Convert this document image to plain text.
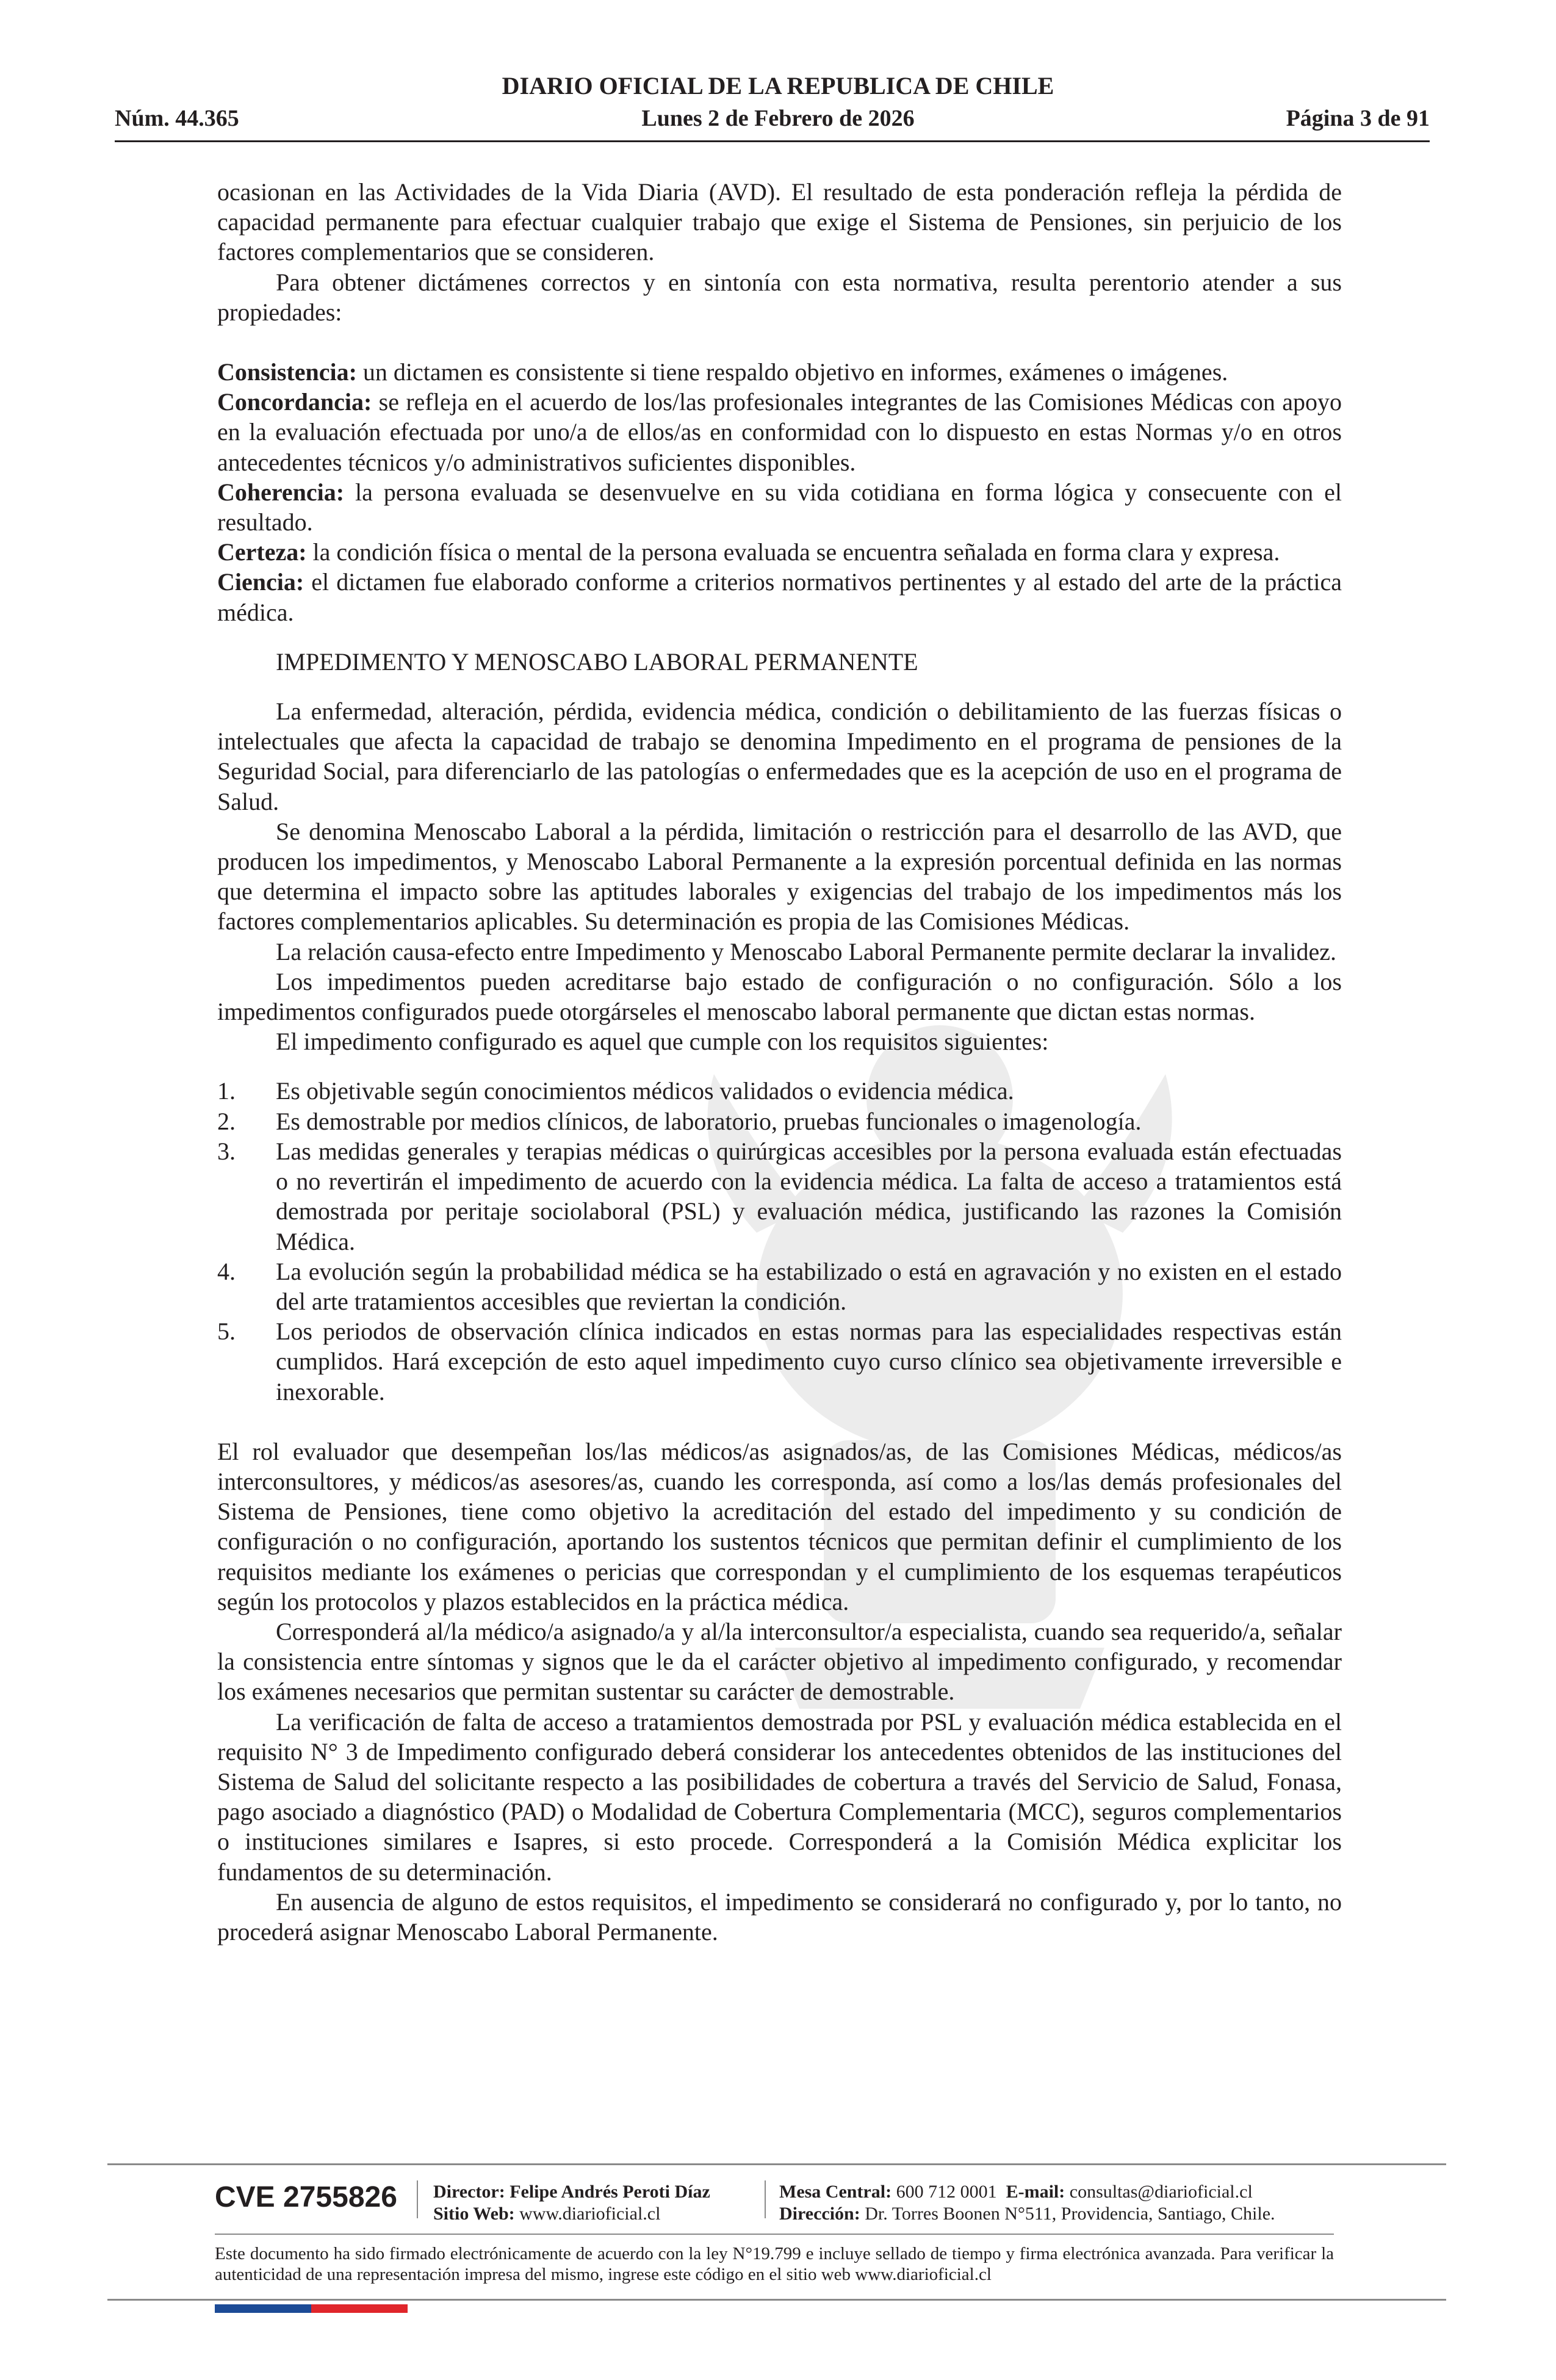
DIARIO OFICIAL DE LA REPUBLICA DE CHILE
Núm. 44.365	Lunes 2 de Febrero de 2026	Página 3 de 91

ocasionan en las Actividades de la Vida Diaria (AVD). El resultado de esta ponderación refleja la pérdida de capacidad permanente para efectuar cualquier trabajo que exige el Sistema de Pensiones, sin perjuicio de los factores complementarios que se consideren.

Para obtener dictámenes correctos y en sintonía con esta normativa, resulta perentorio atender a sus propiedades:

Consistencia: un dictamen es consistente si tiene respaldo objetivo en informes, exámenes o imágenes.

Concordancia: se refleja en el acuerdo de los/las profesionales integrantes de las Comisiones Médicas con apoyo en la evaluación efectuada por uno/a de ellos/as en conformidad con lo dispuesto en estas Normas y/o en otros antecedentes técnicos y/o administrativos suficientes disponibles.

Coherencia: la persona evaluada se desenvuelve en su vida cotidiana en forma lógica y consecuente con el resultado.

Certeza: la condición física o mental de la persona evaluada se encuentra señalada en forma clara y expresa.

Ciencia: el dictamen fue elaborado conforme a criterios normativos pertinentes y al estado del arte de la práctica médica.

IMPEDIMENTO Y MENOSCABO LABORAL PERMANENTE

La enfermedad, alteración, pérdida, evidencia médica, condición o debilitamiento de las fuerzas físicas o intelectuales que afecta la capacidad de trabajo se denomina Impedimento en el programa de pensiones de la Seguridad Social, para diferenciarlo de las patologías o enfermedades que es la acepción de uso en el programa de Salud.

Se denomina Menoscabo Laboral a la pérdida, limitación o restricción para el desarrollo de las AVD, que producen los impedimentos, y Menoscabo Laboral Permanente a la expresión porcentual definida en las normas que determina el impacto sobre las aptitudes laborales y exigencias del trabajo de los impedimentos más los factores complementarios aplicables. Su determinación es propia de las Comisiones Médicas.

La relación causa-efecto entre Impedimento y Menoscabo Laboral Permanente permite declarar la invalidez.

Los impedimentos pueden acreditarse bajo estado de configuración o no configuración. Sólo a los impedimentos configurados puede otorgárseles el menoscabo laboral permanente que dictan estas normas.

El impedimento configurado es aquel que cumple con los requisitos siguientes:

1. Es objetivable según conocimientos médicos validados o evidencia médica.
2. Es demostrable por medios clínicos, de laboratorio, pruebas funcionales o imagenología.
3. Las medidas generales y terapias médicas o quirúrgicas accesibles por la persona evaluada están efectuadas o no revertirán el impedimento de acuerdo con la evidencia médica. La falta de acceso a tratamientos está demostrada por peritaje sociolaboral (PSL) y evaluación médica, justificando las razones la Comisión Médica.
4. La evolución según la probabilidad médica se ha estabilizado o está en agravación y no existen en el estado del arte tratamientos accesibles que reviertan la condición.
5. Los periodos de observación clínica indicados en estas normas para las especialidades respectivas están cumplidos. Hará excepción de esto aquel impedimento cuyo curso clínico sea objetivamente irreversible e inexorable.

El rol evaluador que desempeñan los/las médicos/as asignados/as, de las Comisiones Médicas, médicos/as interconsultores, y médicos/as asesores/as, cuando les corresponda, así como a los/las demás profesionales del Sistema de Pensiones, tiene como objetivo la acreditación del estado del impedimento y su condición de configuración o no configuración, aportando los sustentos técnicos que permitan definir el cumplimiento de los requisitos mediante los exámenes o pericias que correspondan y el cumplimiento de los esquemas terapéuticos según los protocolos y plazos establecidos en la práctica médica.

Corresponderá al/la médico/a asignado/a y al/la interconsultor/a especialista, cuando sea requerido/a, señalar la consistencia entre síntomas y signos que le da el carácter objetivo al impedimento configurado, y recomendar los exámenes necesarios que permitan sustentar su carácter de demostrable.

La verificación de falta de acceso a tratamientos demostrada por PSL y evaluación médica establecida en el requisito N° 3 de Impedimento configurado deberá considerar los antecedentes obtenidos de las instituciones del Sistema de Salud del solicitante respecto a las posibilidades de cobertura a través del Servicio de Salud, Fonasa, pago asociado a diagnóstico (PAD) o Modalidad de Cobertura Complementaria (MCC), seguros complementarios o instituciones similares e Isapres, si esto procede. Corresponderá a la Comisión Médica explicitar los fundamentos de su determinación.

En ausencia de alguno de estos requisitos, el impedimento se considerará no configurado y, por lo tanto, no procederá asignar Menoscabo Laboral Permanente.

CVE 2755826 Director: Felipe Andrés Peroti Díaz
Sitio Web: www.diarioficial.cl
Mesa Central: 600 712 0001 E-mail: consultas@diarioficial.cl
Dirección: Dr. Torres Boonen N°511, Providencia, Santiago, Chile.
Este documento ha sido firmado electrónicamente de acuerdo con la ley N°19.799 e incluye sellado de tiempo y firma electrónica avanzada. Para verificar la autenticidad de una representación impresa del mismo, ingrese este código en el sitio web www.diarioficial.cl
